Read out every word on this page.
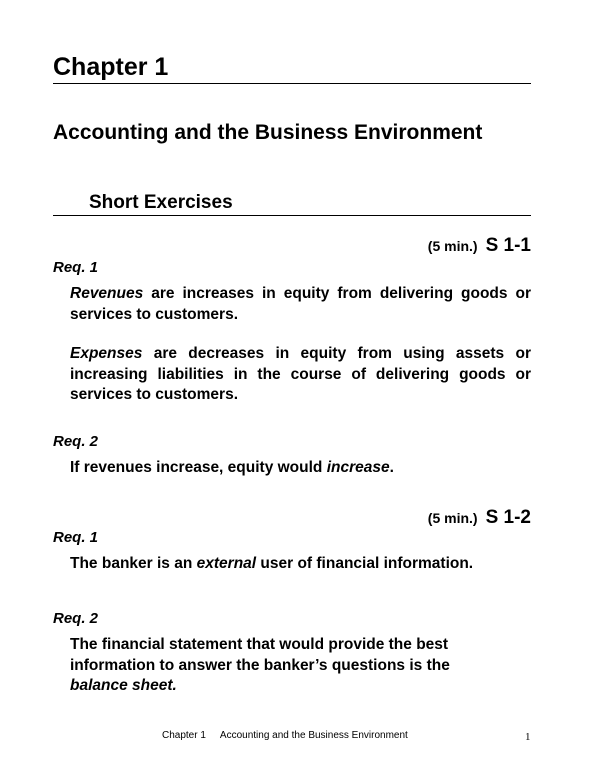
Chapter 1
Accounting and the Business Environment
Short Exercises
(5 min.) S 1-1
Req. 1
Revenues are increases in equity from delivering goods or services to customers.
Expenses are decreases in equity from using assets or increasing liabilities in the course of delivering goods or services to customers.
Req. 2
If revenues increase, equity would increase.
(5 min.) S 1-2
Req. 1
The banker is an external user of financial information.
Req. 2
The financial statement that would provide the best information to answer the banker’s questions is the balance sheet.
Chapter 1 Accounting and the Business Environment	1
